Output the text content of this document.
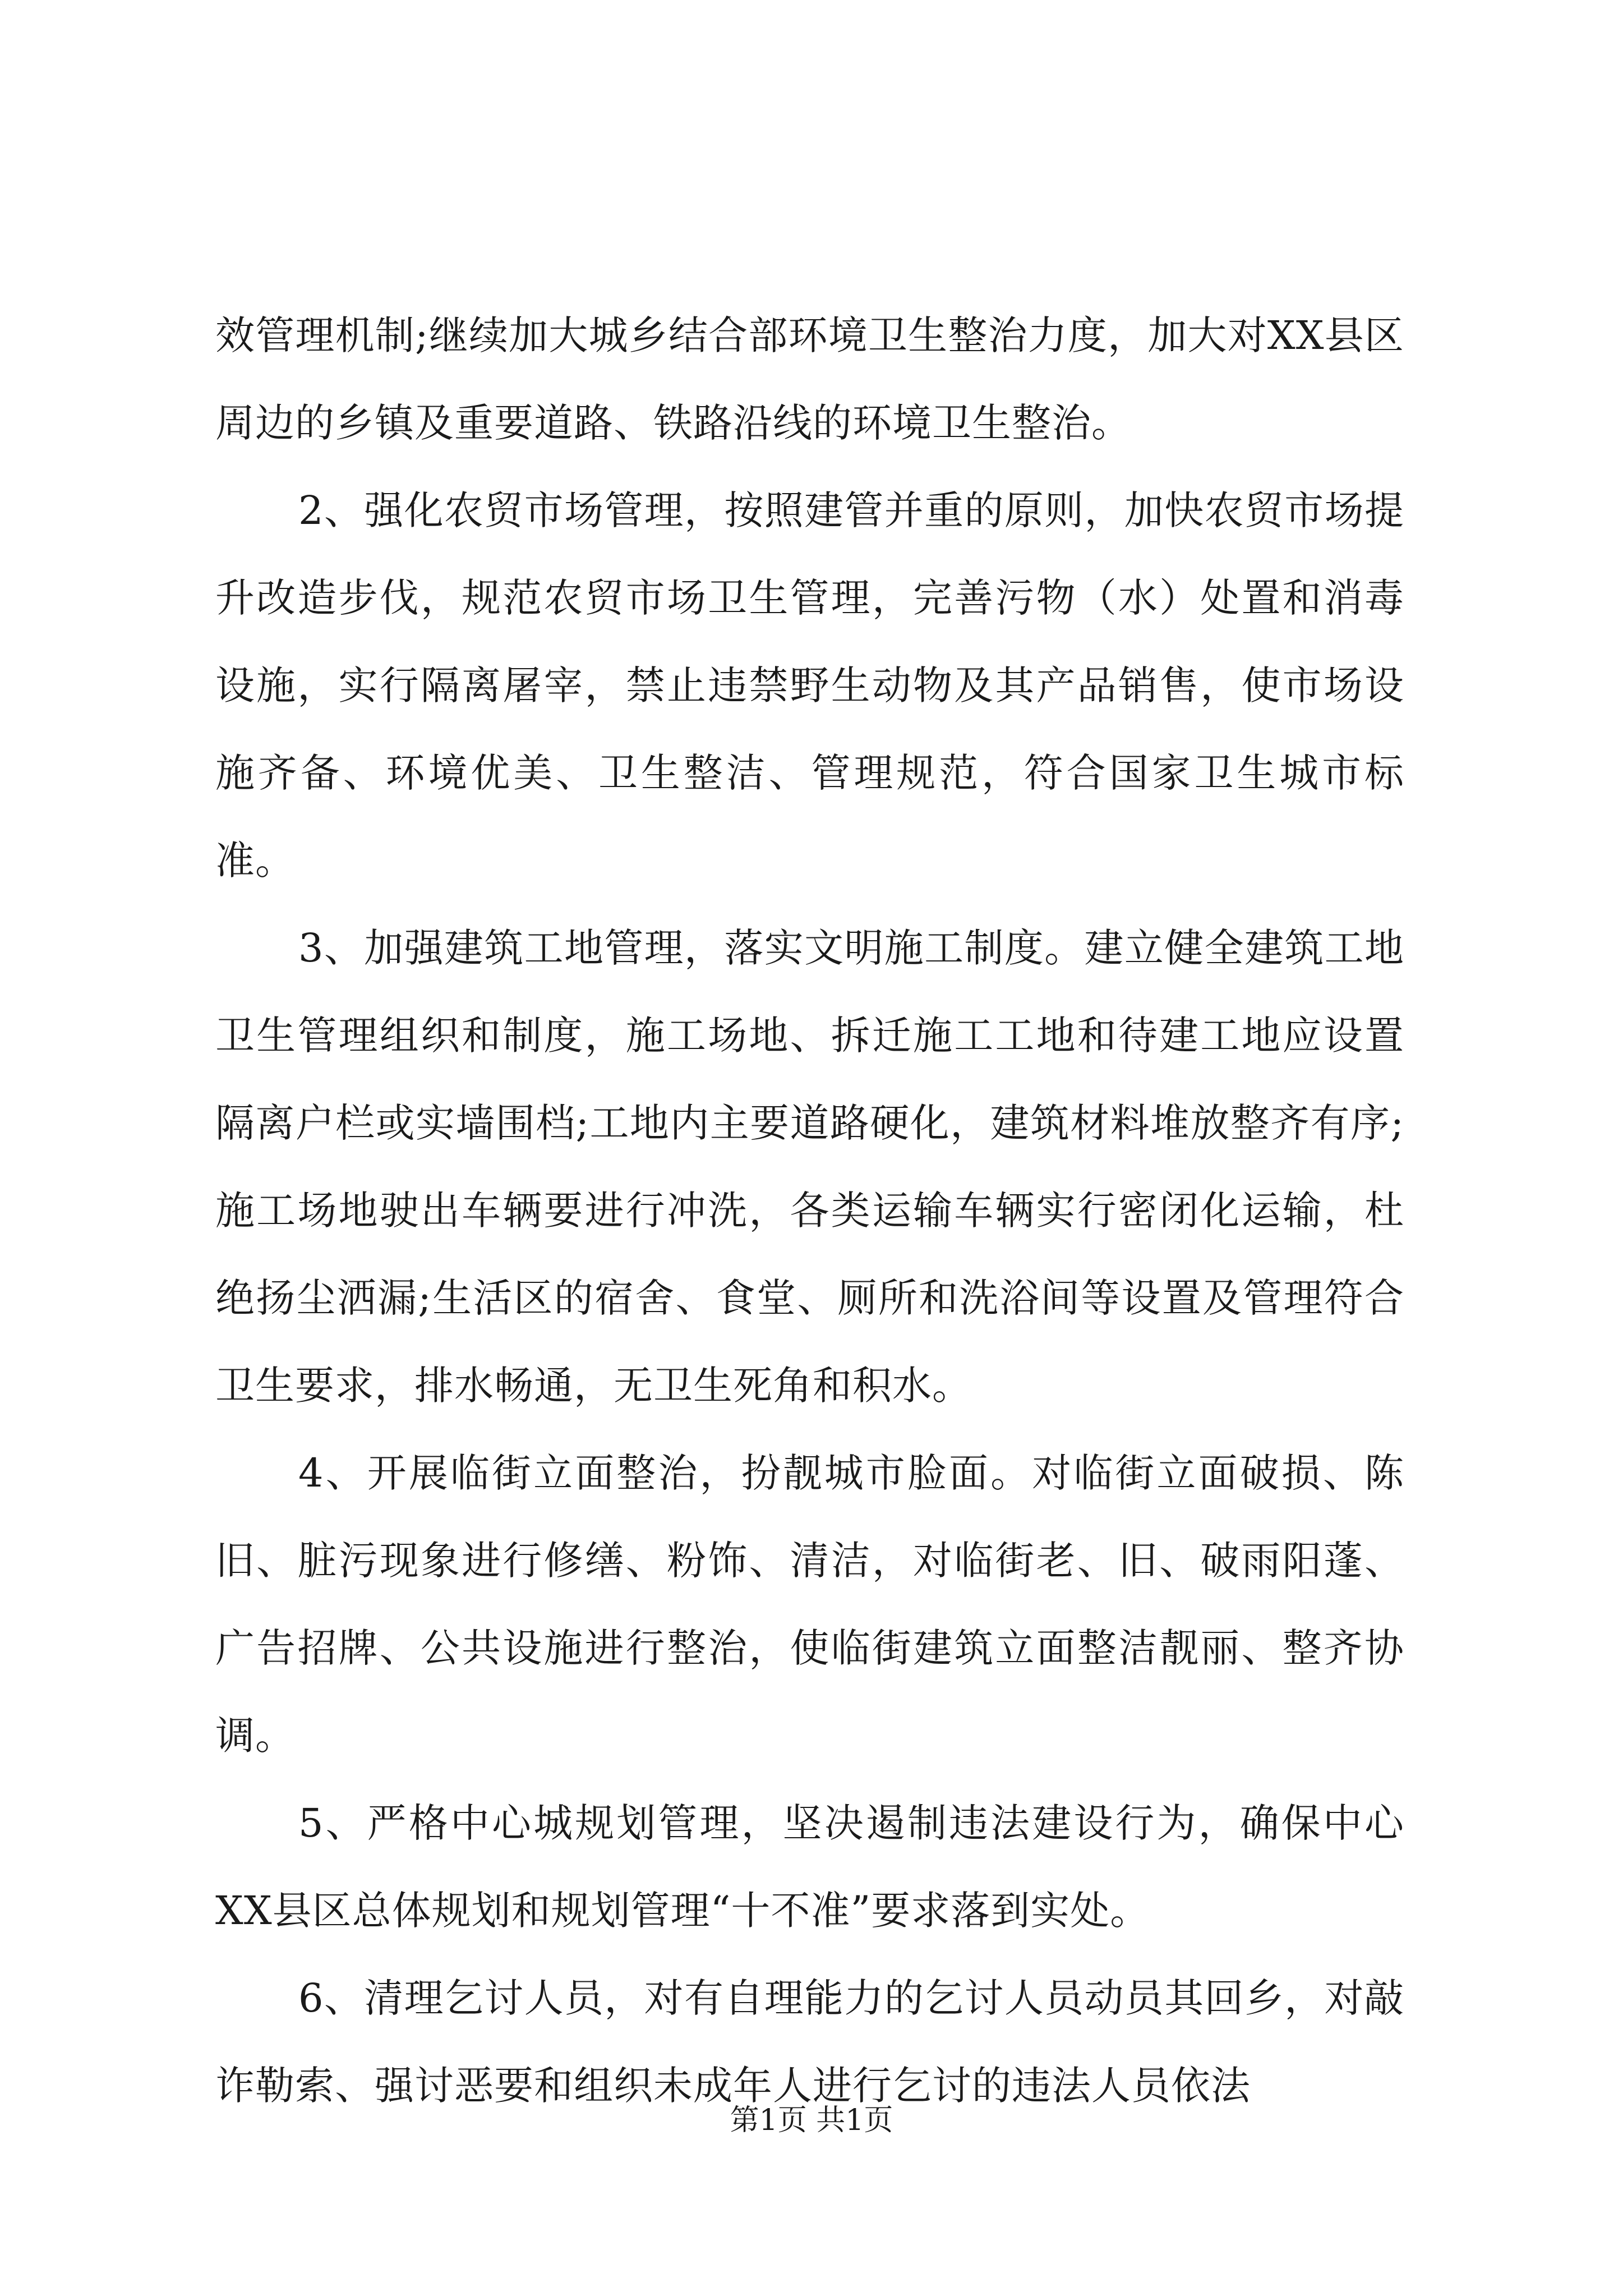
效管理机制;继续加大城乡结合部环境卫生整治力度，加大对XX县区周边的乡镇及重要道路、铁路沿线的环境卫生整治。

2、强化农贸市场管理，按照建管并重的原则，加快农贸市场提升改造步伐，规范农贸市场卫生管理，完善污物（水）处置和消毒设施，实行隔离屠宰，禁止违禁野生动物及其产品销售，使市场设施齐备、环境优美、卫生整洁、管理规范，符合国家卫生城市标准。

3、加强建筑工地管理，落实文明施工制度。建立健全建筑工地卫生管理组织和制度，施工场地、拆迁施工工地和待建工地应设置隔离户栏或实墙围档;工地内主要道路硬化，建筑材料堆放整齐有序;施工场地驶出车辆要进行冲洗，各类运输车辆实行密闭化运输，杜绝扬尘洒漏;生活区的宿舍、食堂、厕所和洗浴间等设置及管理符合卫生要求，排水畅通，无卫生死角和积水。

4、开展临街立面整治，扮靓城市脸面。对临街立面破损、陈旧、脏污现象进行修缮、粉饰、清洁，对临街老、旧、破雨阳蓬、广告招牌、公共设施进行整治，使临街建筑立面整洁靓丽、整齐协调。

5、严格中心城规划管理，坚决遏制违法建设行为，确保中心XX县区总体规划和规划管理“十不准”要求落到实处。

6、清理乞讨人员，对有自理能力的乞讨人员动员其回乡，对敲诈勒索、强讨恶要和组织未成年人进行乞讨的违法人员依法

第1页 共1页
